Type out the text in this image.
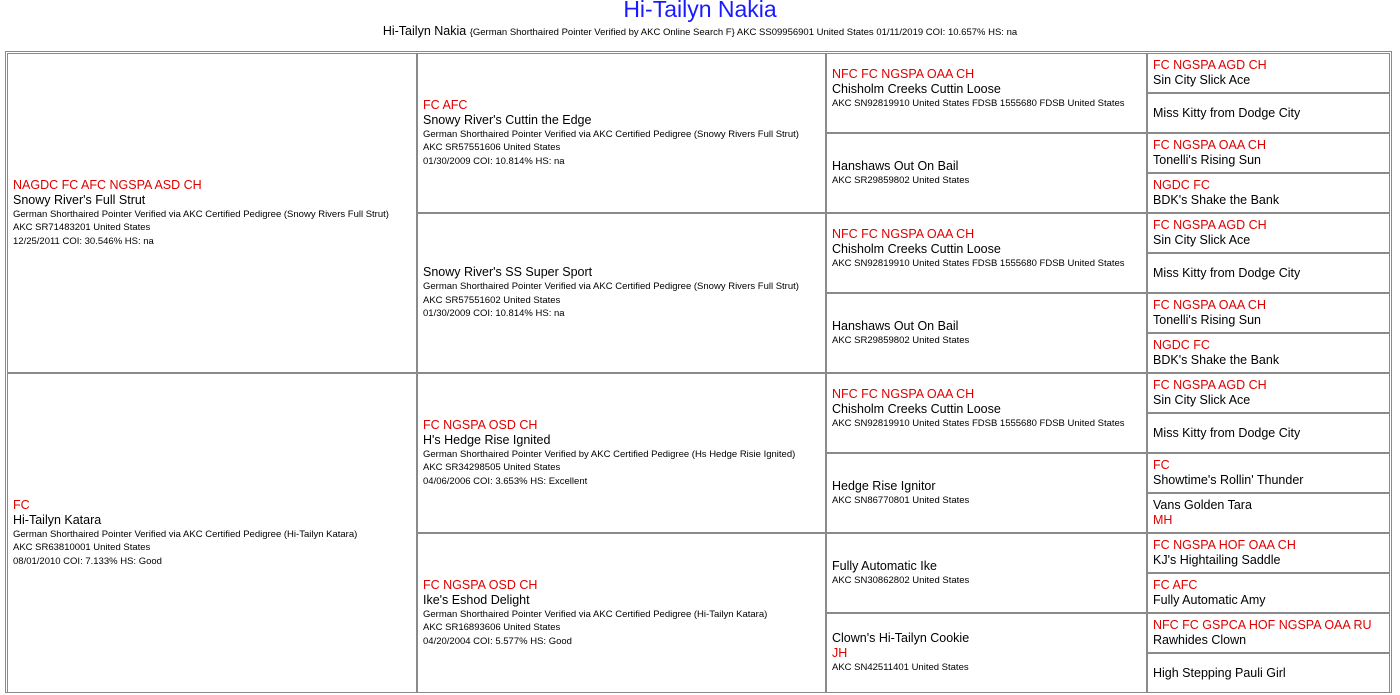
Hi-Tailyn Nakia
Hi-Tailyn Nakia {German Shorthaired Pointer Verified by AKC Online Search F} AKC SS09956901 United States 01/11/2019 COI: 10.657% HS: na
NAGDC FC AFC NGSPA ASD CH
Snowy River's Full Strut
German Shorthaired Pointer Verified via AKC Certified Pedigree (Snowy Rivers Full Strut)
AKC SR71483201 United States
12/25/2011 COI: 30.546% HS: na
FC
Hi-Tailyn Katara
German Shorthaired Pointer Verified via AKC Certified Pedigree (Hi-Tailyn Katara)
AKC SR63810001 United States
08/01/2010 COI: 7.133% HS: Good
FC AFC
Snowy River's Cuttin the Edge
German Shorthaired Pointer Verified via AKC Certified Pedigree (Snowy Rivers Full Strut)
AKC SR57551606 United States
01/30/2009 COI: 10.814% HS: na
Snowy River's SS Super Sport
German Shorthaired Pointer Verified via AKC Certified Pedigree (Snowy Rivers Full Strut)
AKC SR57551602 United States
01/30/2009 COI: 10.814% HS: na
FC NGSPA OSD CH
H's Hedge Rise Ignited
German Shorthaired Pointer Verified by AKC Certified Pedigree (Hs Hedge Risie Ignited)
AKC SR34298505 United States
04/06/2006 COI: 3.653% HS: Excellent
FC NGSPA OSD CH
Ike's Eshod Delight
German Shorthaired Pointer Verified via AKC Certified Pedigree (Hi-Tailyn Katara)
AKC SR16893606 United States
04/20/2004 COI: 5.577% HS: Good
NFC FC NGSPA OAA CH
Chisholm Creeks Cuttin Loose
AKC SN92819910 United States FDSB 1555680 FDSB United States
Hanshaws Out On Bail
AKC SR29859802 United States
NFC FC NGSPA OAA CH
Chisholm Creeks Cuttin Loose
AKC SN92819910 United States FDSB 1555680 FDSB United States
Hanshaws Out On Bail
AKC SR29859802 United States
NFC FC NGSPA OAA CH
Chisholm Creeks Cuttin Loose
AKC SN92819910 United States FDSB 1555680 FDSB United States
Hedge Rise Ignitor
AKC SN86770801 United States
Fully Automatic Ike
AKC SN30862802 United States
Clown's Hi-Tailyn Cookie
JH
AKC SN42511401 United States
FC NGSPA AGD CH
Sin City Slick Ace
Miss Kitty from Dodge City
FC NGSPA OAA CH
Tonelli's Rising Sun
NGDC FC
BDK's Shake the Bank
FC NGSPA AGD CH
Sin City Slick Ace
Miss Kitty from Dodge City
FC NGSPA OAA CH
Tonelli's Rising Sun
NGDC FC
BDK's Shake the Bank
FC NGSPA AGD CH
Sin City Slick Ace
Miss Kitty from Dodge City
FC
Showtime's Rollin' Thunder
Vans Golden Tara
MH
FC NGSPA HOF OAA CH
KJ's Hightailing Saddle
FC AFC
Fully Automatic Amy
NFC FC GSPCA HOF NGSPA OAA RU
Rawhides Clown
High Stepping Pauli Girl
